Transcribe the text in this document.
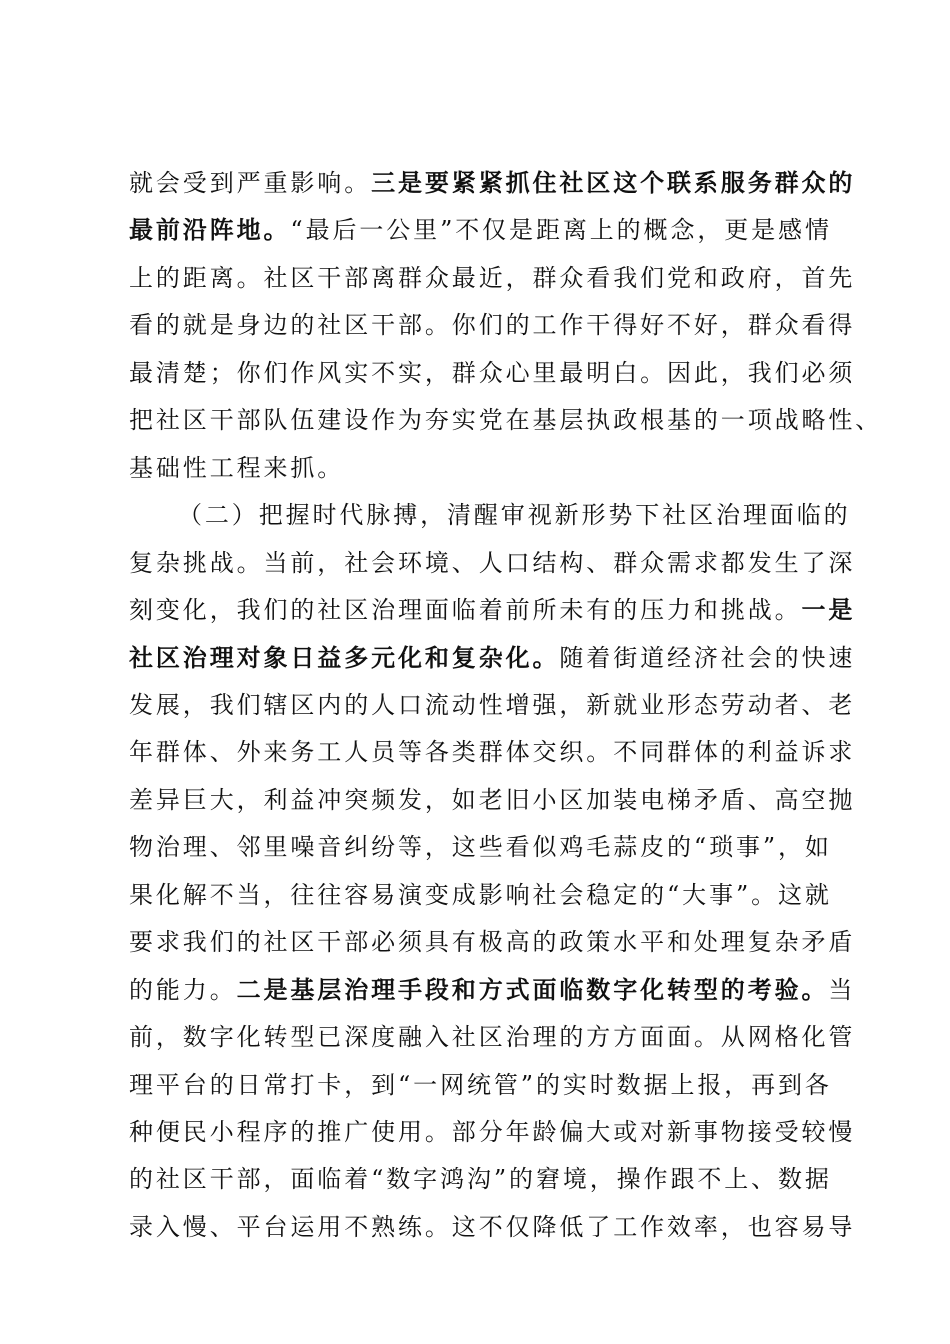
就会受到严重影响。三是要紧紧抓住社区这个联系服务群众的
最前沿阵地。“最后一公里”不仅是距离上的概念，更是感情
上的距离。社区干部离群众最近，群众看我们党和政府，首先
看的就是身边的社区干部。你们的工作干得好不好，群众看得
最清楚；你们作风实不实，群众心里最明白。因此，我们必须
把社区干部队伍建设作为夯实党在基层执政根基的一项战略性、
基础性工程来抓。
（二）把握时代脉搏，清醒审视新形势下社区治理面临的
复杂挑战。当前，社会环境、人口结构、群众需求都发生了深
刻变化，我们的社区治理面临着前所未有的压力和挑战。一是
社区治理对象日益多元化和复杂化。随着街道经济社会的快速
发展，我们辖区内的人口流动性增强，新就业形态劳动者、老
年群体、外来务工人员等各类群体交织。不同群体的利益诉求
差异巨大，利益冲突频发，如老旧小区加装电梯矛盾、高空抛
物治理、邻里噪音纠纷等，这些看似鸡毛蒜皮的“琐事”，如
果化解不当，往往容易演变成影响社会稳定的“大事”。这就
要求我们的社区干部必须具有极高的政策水平和处理复杂矛盾
的能力。二是基层治理手段和方式面临数字化转型的考验。当
前，数字化转型已深度融入社区治理的方方面面。从网格化管
理平台的日常打卡，到“一网统管”的实时数据上报，再到各
种便民小程序的推广使用。部分年龄偏大或对新事物接受较慢
的社区干部，面临着“数字鸿沟”的窘境，操作跟不上、数据
录入慢、平台运用不熟练。这不仅降低了工作效率，也容易导
